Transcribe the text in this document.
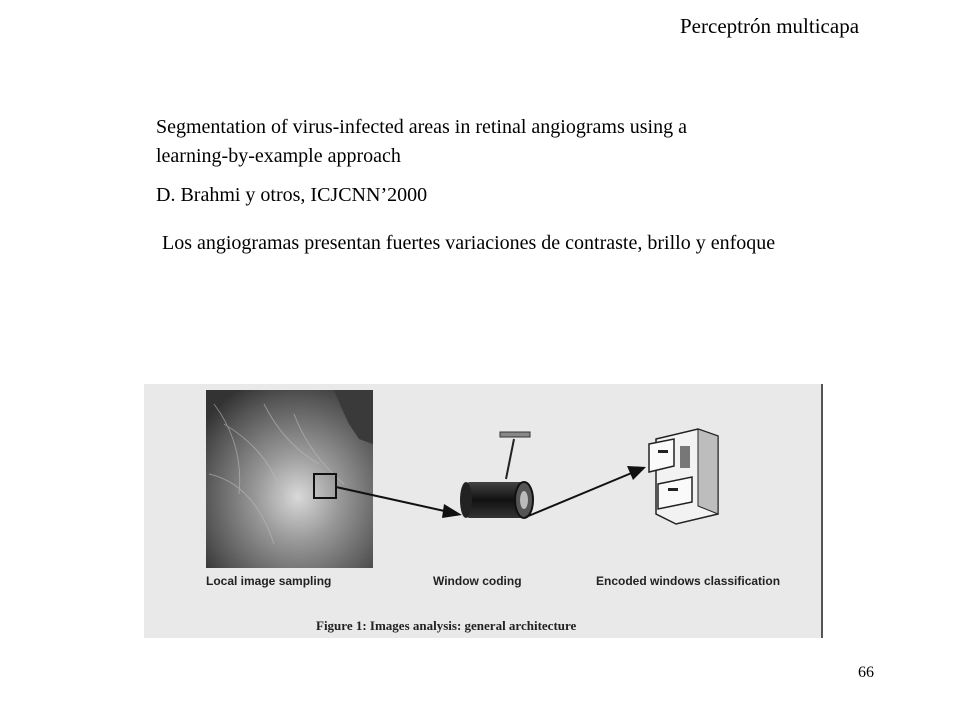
Perceptrón multicapa
Segmentation of virus-infected areas in retinal angiograms using a
learning-by-example approach
D. Brahmi y otros, ICJCNN’2000
Los angiogramas presentan fuertes variaciones de contraste, brillo y enfoque
Local image sampling	Window coding	Encoded windows classification
Figure 1: Images analysis: general architecture
66
